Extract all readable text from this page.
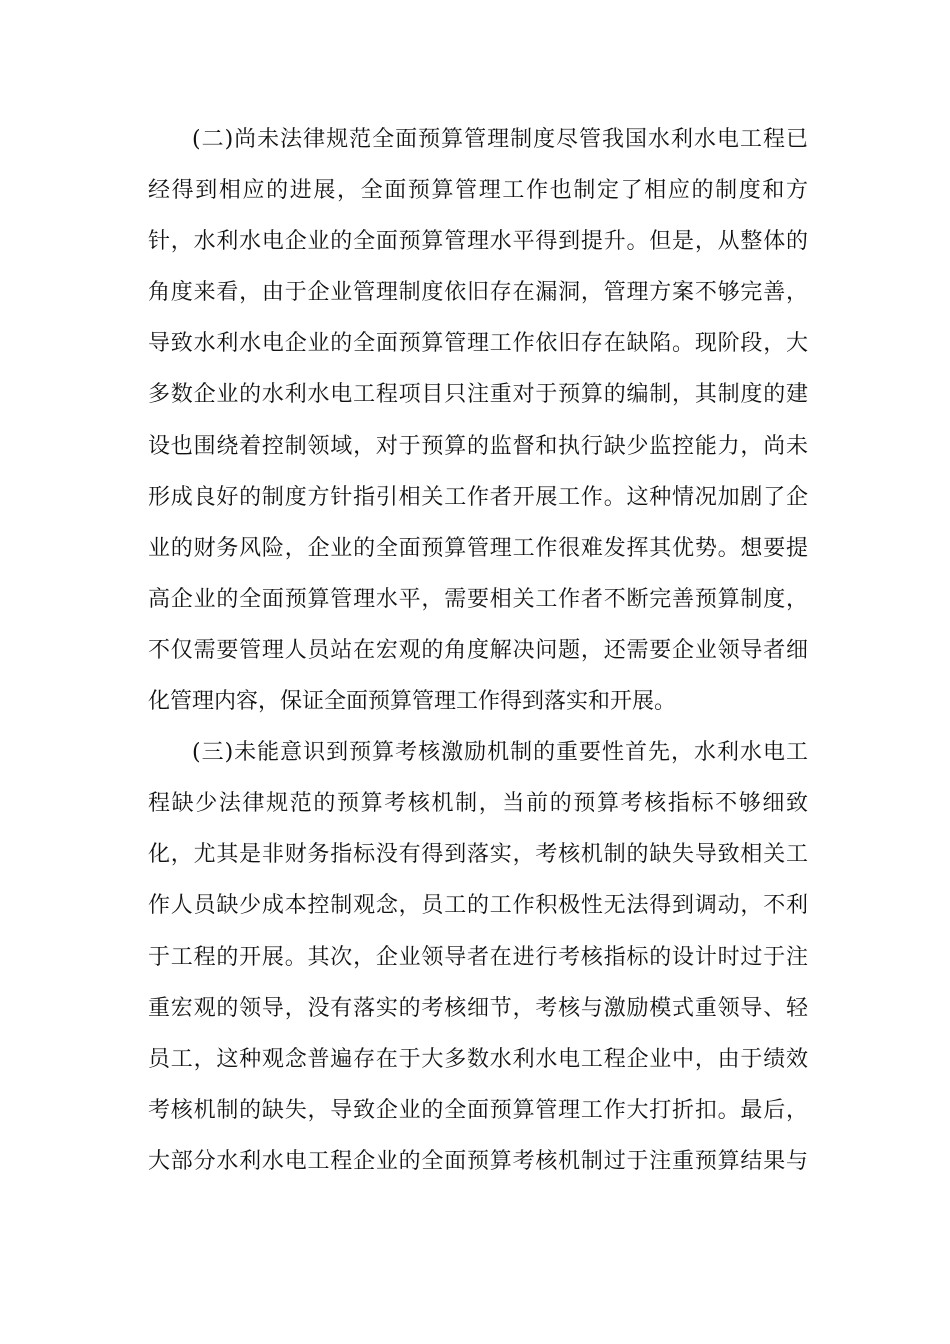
(二)尚未法律规范全面预算管理制度尽管我国水利水电工程已
经得到相应的进展，全面预算管理工作也制定了相应的制度和方
针，水利水电企业的全面预算管理水平得到提升。但是，从整体的
角度来看，由于企业管理制度依旧存在漏洞，管理方案不够完善，
导致水利水电企业的全面预算管理工作依旧存在缺陷。现阶段，大
多数企业的水利水电工程项目只注重对于预算的编制，其制度的建
设也围绕着控制领域，对于预算的监督和执行缺少监控能力，尚未
形成良好的制度方针指引相关工作者开展工作。这种情况加剧了企
业的财务风险，企业的全面预算管理工作很难发挥其优势。想要提
高企业的全面预算管理水平，需要相关工作者不断完善预算制度，
不仅需要管理人员站在宏观的角度解决问题，还需要企业领导者细
化管理内容，保证全面预算管理工作得到落实和开展。
(三)未能意识到预算考核激励机制的重要性首先，水利水电工
程缺少法律规范的预算考核机制，当前的预算考核指标不够细致
化，尤其是非财务指标没有得到落实，考核机制的缺失导致相关工
作人员缺少成本控制观念，员工的工作积极性无法得到调动，不利
于工程的开展。其次，企业领导者在进行考核指标的设计时过于注
重宏观的领导，没有落实的考核细节，考核与激励模式重领导、轻
员工，这种观念普遍存在于大多数水利水电工程企业中，由于绩效
考核机制的缺失，导致企业的全面预算管理工作大打折扣。最后，
大部分水利水电工程企业的全面预算考核机制过于注重预算结果与
